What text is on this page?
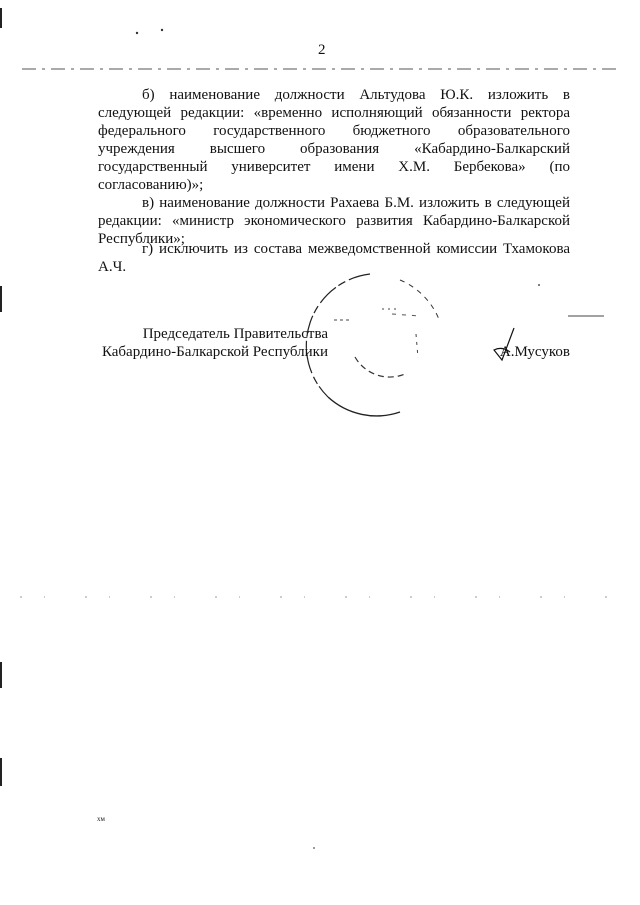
2

б) наименование должности Альтудова Ю.К. изложить в следующей редакции: «временно исполняющий обязанности ректора федерального государственного бюджетного образовательного учреждения высшего образования «Кабардино-Балкарский государственный университет имени Х.М. Бербекова» (по согласованию)»;

в) наименование должности Рахаева Б.М. изложить в следующей редакции: «министр экономического развития Кабардино-Балкарской Республики»;

г) исключить из состава межведомственной комиссии Тхамокова А.Ч.

Председатель Правительства
Кабардино-Балкарской Республики	А.Мусуков
хм
